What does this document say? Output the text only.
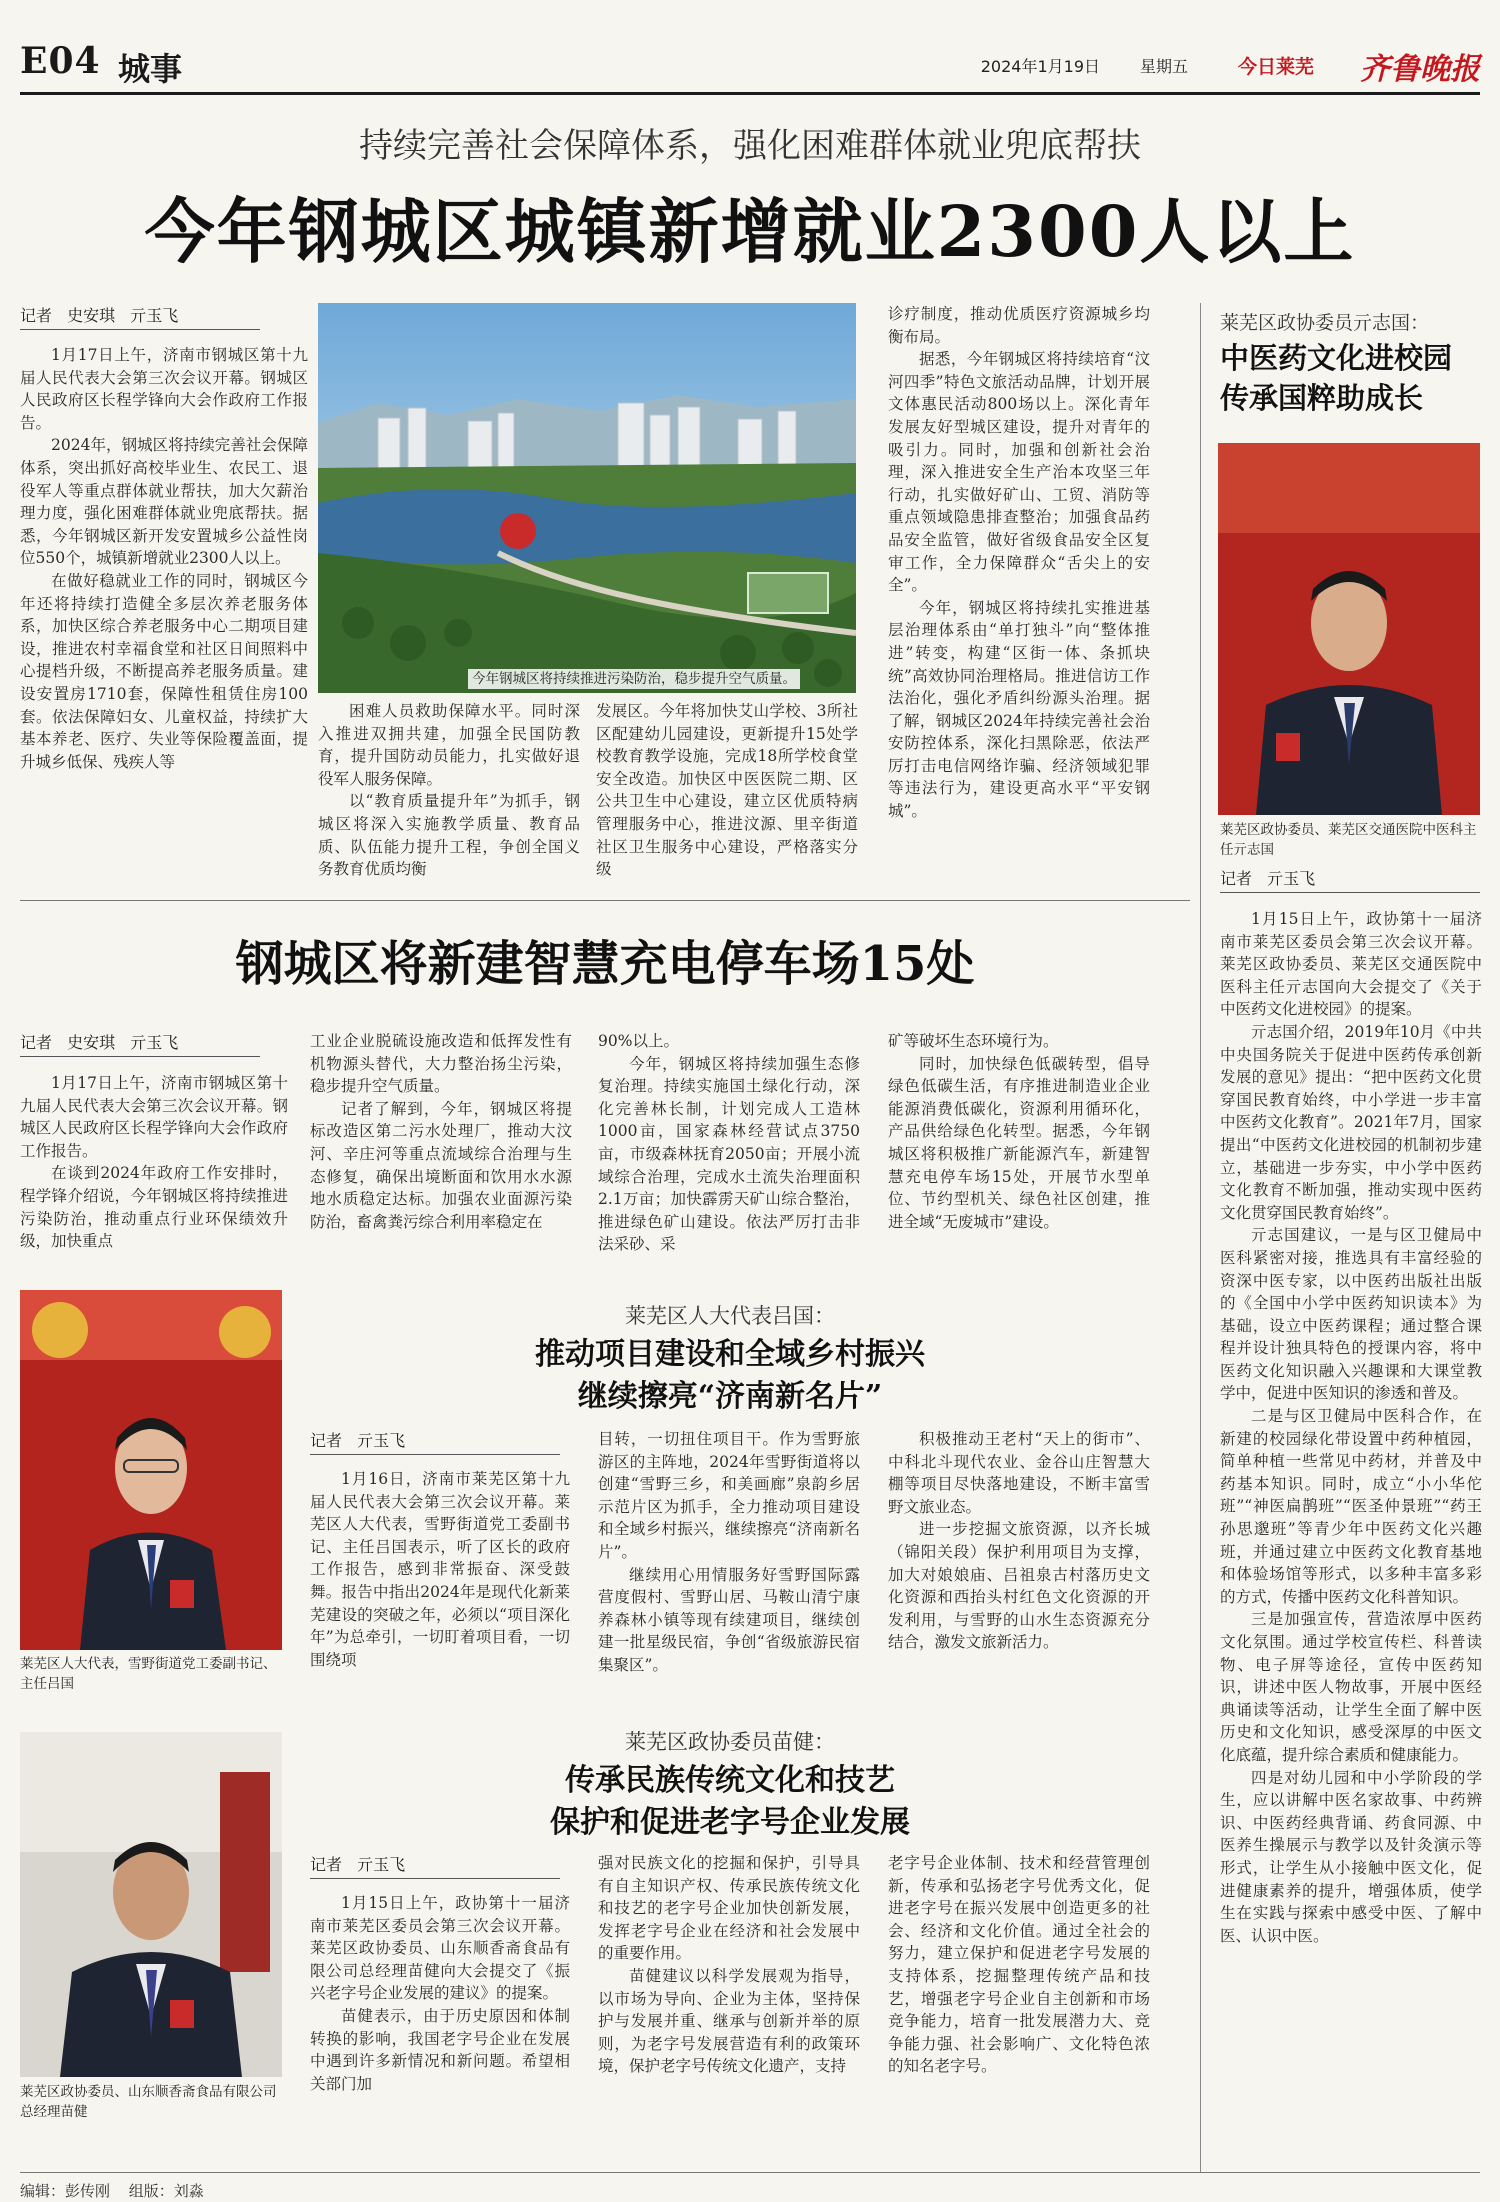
E04 城事	2024年1月19日 星期五	今日莱芜 齐鲁晚报
持续完善社会保障体系，强化困难群体就业兜底帮扶
今年钢城区城镇新增就业2300人以上
记者 史安琪 亓玉飞
今年钢城区将持续推进污染防治，稳步提升空气质量。

1月17日上午，济南市钢城区第十九届人民代表大会第三次会议开幕。钢城区人民政府区长程学锋向大会作政府工作报告。

2024年，钢城区将持续完善社会保障体系，突出抓好高校毕业生、农民工、退役军人等重点群体就业帮扶，加大欠薪治理力度，强化困难群体就业兜底帮扶。据悉，今年钢城区新开发安置城乡公益性岗位550个，城镇新增就业2300人以上。

在做好稳就业工作的同时，钢城区今年还将持续打造健全多层次养老服务体系，加快区综合养老服务中心二期项目建设，推进农村幸福食堂和社区日间照料中心提档升级，不断提高养老服务质量。建设安置房1710套，保障性租赁住房100套。依法保障妇女、儿童权益，持续扩大基本养老、医疗、失业等保险覆盖面，提升城乡低保、残疾人等

困难人员救助保障水平。同时深入推进双拥共建，加强全民国防教育，提升国防动员能力，扎实做好退役军人服务保障。

以“教育质量提升年”为抓手，钢城区将深入实施教学质量、教育品质、队伍能力提升工程，争创全国义务教育优质均衡

发展区。今年将加快艾山学校、3所社区配建幼儿园建设，更新提升15处学校教育教学设施，完成18所学校食堂安全改造。加快区中医医院二期、区公共卫生中心建设，建立区优质特病管理服务中心，推进汶源、里辛街道社区卫生服务中心建设，严格落实分级

诊疗制度，推动优质医疗资源城乡均衡布局。

据悉，今年钢城区将持续培育“汶河四季”特色文旅活动品牌，计划开展文体惠民活动800场以上。深化青年发展友好型城区建设，提升对青年的吸引力。同时，加强和创新社会治理，深入推进安全生产治本攻坚三年行动，扎实做好矿山、工贸、消防等重点领域隐患排查整治；加强食品药品安全监管，做好省级食品安全区复审工作，全力保障群众“舌尖上的安全”。

今年，钢城区将持续扎实推进基层治理体系由“单打独斗”向“整体推进”转变，构建“区街一体、条抓块统”高效协同治理格局。推进信访工作法治化，强化矛盾纠纷源头治理。据了解，钢城区2024年持续完善社会治安防控体系，深化扫黑除恶，依法严厉打击电信网络诈骗、经济领域犯罪等违法行为，建设更高水平“平安钢城”。

钢城区将新建智慧充电停车场15处
记者 史安琪 亓玉飞

1月17日上午，济南市钢城区第十九届人民代表大会第三次会议开幕。钢城区人民政府区长程学锋向大会作政府工作报告。

在谈到2024年政府工作安排时，程学锋介绍说，今年钢城区将持续推进污染防治，推动重点行业环保绩效升级，加快重点

工业企业脱硫设施改造和低挥发性有机物源头替代，大力整治扬尘污染，稳步提升空气质量。

记者了解到，今年，钢城区将提标改造区第二污水处理厂，推动大汶河、辛庄河等重点流域综合治理与生态修复，确保出境断面和饮用水水源地水质稳定达标。加强农业面源污染防治，畜禽粪污综合利用率稳定在

90%以上。

今年，钢城区将持续加强生态修复治理。持续实施国土绿化行动，深化完善林长制，计划完成人工造林1000亩，国家森林经营试点3750亩，市级森林抚育2050亩；开展小流域综合治理，完成水土流失治理面积2.1万亩；加快霹雳天矿山综合整治，推进绿色矿山建设。依法严厉打击非法采砂、采

矿等破坏生态环境行为。

同时，加快绿色低碳转型，倡导绿色低碳生活，有序推进制造业企业能源消费低碳化，资源利用循环化，产品供给绿色化转型。据悉，今年钢城区将积极推广新能源汽车，新建智慧充电停车场15处，开展节水型单位、节约型机关、绿色社区创建，推进全域“无废城市”建设。

莱芜区人大代表，雪野街道党工委副书记、主任吕国
莱芜区人大代表吕国：
推动项目建设和全域乡村振兴
继续擦亮“济南新名片”
记者 亓玉飞

1月16日，济南市莱芜区第十九届人民代表大会第三次会议开幕。莱芜区人大代表，雪野街道党工委副书记、主任吕国表示，听了区长的政府工作报告，感到非常振奋、深受鼓舞。报告中指出2024年是现代化新莱芜建设的突破之年，必须以“项目深化年”为总牵引，一切盯着项目看，一切围绕项

目转，一切扭住项目干。作为雪野旅游区的主阵地，2024年雪野街道将以创建“雪野三乡，和美画廊”泉韵乡居示范片区为抓手，全力推动项目建设和全域乡村振兴，继续擦亮“济南新名片”。

继续用心用情服务好雪野国际露营度假村、雪野山居、马鞍山清宁康养森林小镇等现有续建项目，继续创建一批星级民宿，争创“省级旅游民宿集聚区”。

积极推动王老村“天上的街市”、中科北斗现代农业、金谷山庄智慧大棚等项目尽快落地建设，不断丰富雪野文旅业态。

进一步挖掘文旅资源，以齐长城（锦阳关段）保护利用项目为支撑，加大对娘娘庙、吕祖泉古村落历史文化资源和西抬头村红色文化资源的开发利用，与雪野的山水生态资源充分结合，激发文旅新活力。

莱芜区政协委员、山东顺香斋食品有限公司总经理苗健
莱芜区政协委员苗健：
传承民族传统文化和技艺
保护和促进老字号企业发展
记者 亓玉飞

1月15日上午，政协第十一届济南市莱芜区委员会第三次会议开幕。莱芜区政协委员、山东顺香斋食品有限公司总经理苗健向大会提交了《振兴老字号企业发展的建议》的提案。

苗健表示，由于历史原因和体制转换的影响，我国老字号企业在发展中遇到许多新情况和新问题。希望相关部门加

强对民族文化的挖掘和保护，引导具有自主知识产权、传承民族传统文化和技艺的老字号企业加快创新发展，发挥老字号企业在经济和社会发展中的重要作用。

苗健建议以科学发展观为指导，以市场为导向、企业为主体，坚持保护与发展并重、继承与创新并举的原则，为老字号发展营造有利的政策环境，保护老字号传统文化遗产，支持

老字号企业体制、技术和经营管理创新，传承和弘扬老字号优秀文化，促进老字号在振兴发展中创造更多的社会、经济和文化价值。通过全社会的努力，建立保护和促进老字号发展的支持体系，挖掘整理传统产品和技艺，增强老字号企业自主创新和市场竞争能力，培育一批发展潜力大、竞争能力强、社会影响广、文化特色浓的知名老字号。

莱芜区政协委员亓志国：
中医药文化进校园
传承国粹助成长
莱芜区政协委员、莱芜区交通医院中医科主任亓志国
记者 亓玉飞

1月15日上午，政协第十一届济南市莱芜区委员会第三次会议开幕。莱芜区政协委员、莱芜区交通医院中医科主任亓志国向大会提交了《关于中医药文化进校园》的提案。

亓志国介绍，2019年10月《中共中央国务院关于促进中医药传承创新发展的意见》提出：“把中医药文化贯穿国民教育始终，中小学进一步丰富中医药文化教育”。2021年7月，国家提出“中医药文化进校园的机制初步建立，基础进一步夯实，中小学中医药文化教育不断加强，推动实现中医药文化贯穿国民教育始终”。

亓志国建议，一是与区卫健局中医科紧密对接，推选具有丰富经验的资深中医专家，以中医药出版社出版的《全国中小学中医药知识读本》为基础，设立中医药课程；通过整合课程并设计独具特色的授课内容，将中医药文化知识融入兴趣课和大课堂教学中，促进中医知识的渗透和普及。

二是与区卫健局中医科合作，在新建的校园绿化带设置中药种植园，简单种植一些常见中药材，并普及中药基本知识。同时，成立“小小华佗班”“神医扁鹊班”“医圣仲景班”“药王孙思邈班”等青少年中医药文化兴趣班，并通过建立中医药文化教育基地和体验场馆等形式，以多种丰富多彩的方式，传播中医药文化科普知识。

三是加强宣传，营造浓厚中医药文化氛围。通过学校宣传栏、科普读物、电子屏等途径，宣传中医药知识，讲述中医人物故事，开展中医经典诵读等活动，让学生全面了解中医历史和文化知识，感受深厚的中医文化底蕴，提升综合素质和健康能力。

四是对幼儿园和中小学阶段的学生，应以讲解中医名家故事、中药辨识、中医药经典背诵、药食同源、中医养生操展示与教学以及针灸演示等形式，让学生从小接触中医文化，促进健康素养的提升，增强体质，使学生在实践与探索中感受中医、了解中医、认识中医。

编辑：彭传刚 组版：刘淼
